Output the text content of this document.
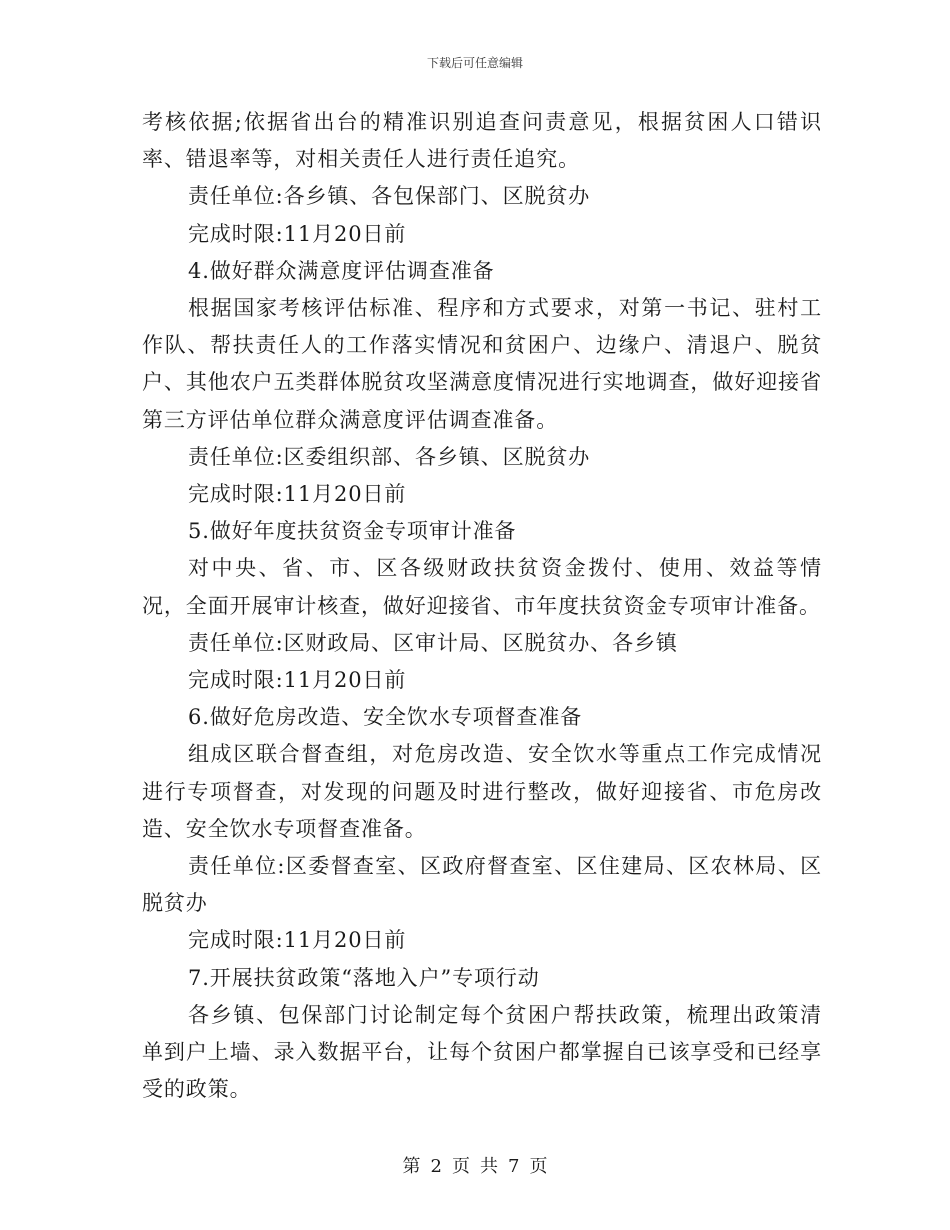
下载后可任意编辑

考核依据;依据省出台的精准识别追查问责意见，根据贫困人口错识率、错退率等，对相关责任人进行责任追究。

责任单位:各乡镇、各包保部门、区脱贫办

完成时限:11月20日前

4.做好群众满意度评估调查准备

根据国家考核评估标准、程序和方式要求，对第一书记、驻村工作队、帮扶责任人的工作落实情况和贫困户、边缘户、清退户、脱贫户、其他农户五类群体脱贫攻坚满意度情况进行实地调查，做好迎接省第三方评估单位群众满意度评估调查准备。

责任单位:区委组织部、各乡镇、区脱贫办

完成时限:11月20日前

5.做好年度扶贫资金专项审计准备

对中央、省、市、区各级财政扶贫资金拨付、使用、效益等情况，全面开展审计核查，做好迎接省、市年度扶贫资金专项审计准备。

责任单位:区财政局、区审计局、区脱贫办、各乡镇

完成时限:11月20日前

6.做好危房改造、安全饮水专项督查准备

组成区联合督查组，对危房改造、安全饮水等重点工作完成情况进行专项督查，对发现的问题及时进行整改，做好迎接省、市危房改造、安全饮水专项督查准备。

责任单位:区委督查室、区政府督查室、区住建局、区农林局、区脱贫办

完成时限:11月20日前

7.开展扶贫政策“落地入户”专项行动

各乡镇、包保部门讨论制定每个贫困户帮扶政策，梳理出政策清单到户上墙、录入数据平台，让每个贫困户都掌握自已该享受和已经享受的政策。

第 2 页 共 7 页
